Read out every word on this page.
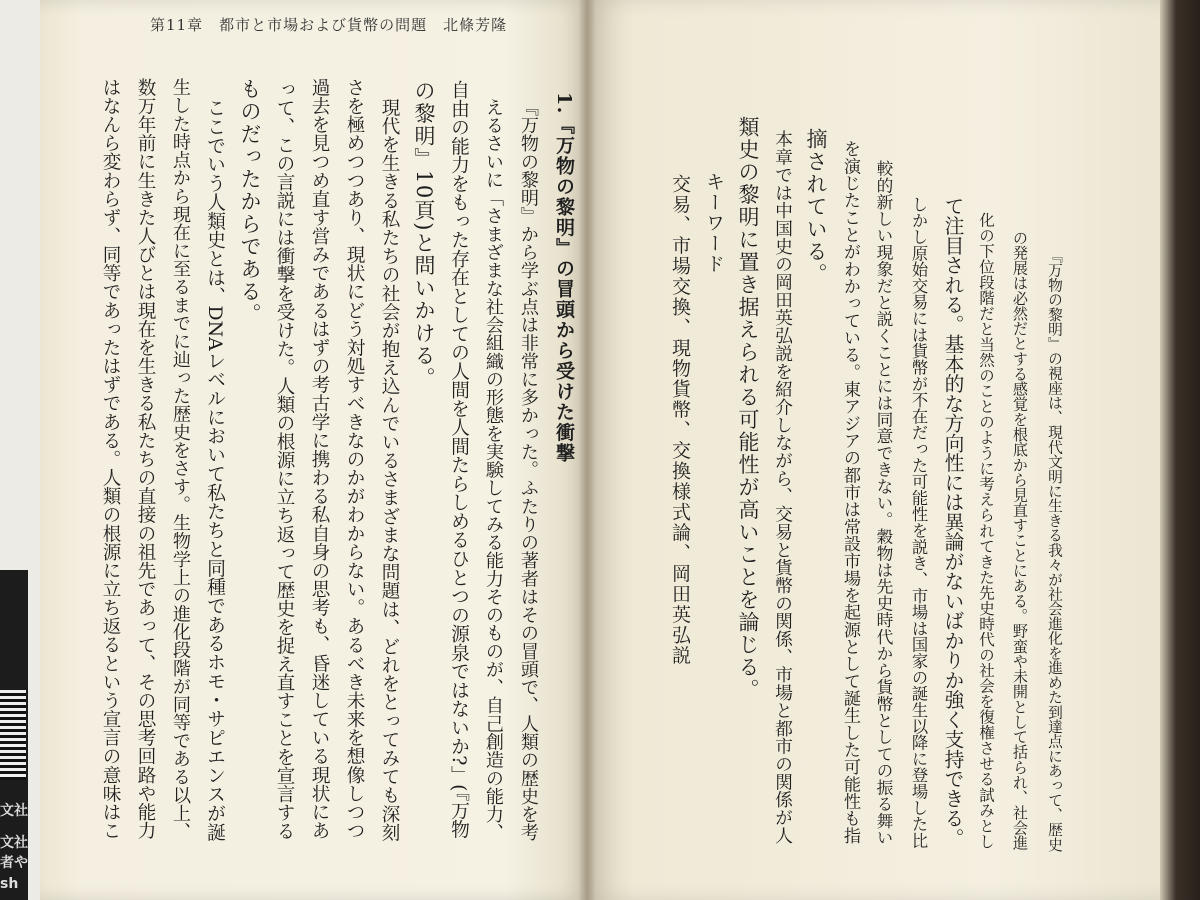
文社
文社
者や
sh
第11章　都市と市場および貨幣の問題　北條芳隆
1.『万物の黎明』の冒頭から受けた衝撃
『万物の黎明』から学ぶ点は非常に多かった。ふたりの著者はその冒頭で、人類の歴史を考
えるさいに「さまざまな社会組織の形態を実験してみる能力そのものが、自己創造の能力、
自由の能力をもった存在としての人間を人間たらしめるひとつの源泉ではないか?」(『万物
の黎明』10頁)と問いかける。
現代を生きる私たちの社会が抱え込んでいるさまざまな問題は、どれをとってみても深刻
さを極めつつあり、現状にどう対処すべきなのかがわからない。あるべき未来を想像しつつ
過去を見つめ直す営みであるはずの考古学に携わる私自身の思考も、昏迷している現状にあ
って、この言説には衝撃を受けた。人類の根源に立ち返って歴史を捉え直すことを宣言する
ものだったからである。
ここでいう人類史とは、DNAレベルにおいて私たちと同種であるホモ・サピエンスが誕
生した時点から現在に至るまでに辿った歴史をさす。生物学上の進化段階が同等である以上、
数万年前に生きた人びとは現在を生きる私たちの直接の祖先であって、その思考回路や能力
はなんら変わらず、同等であったはずである。人類の根源に立ち返るという宣言の意味はこ	『万物の黎明』の視座は、現代文明に生きる我々が社会進化を進めた到達点にあって、歴史
の発展は必然だとする感覚を根底から見直すことにある。野蛮や未開として括られ、社会進
化の下位段階だと当然のことのように考えられてきた先史時代の社会を復権させる試みとし
て注目される。基本的な方向性には異論がないばかりか強く支持できる。
しかし原始交易には貨幣が不在だった可能性を説き、市場は国家の誕生以降に登場した比
較的新しい現象だと説くことには同意できない。穀物は先史時代から貨幣としての振る舞い
を演じたことがわかっている。東アジアの都市は常設市場を起源として誕生した可能性も指
摘されている。
本章では中国史の岡田英弘説を紹介しながら、交易と貨幣の関係、市場と都市の関係が人
類史の黎明に置き据えられる可能性が高いことを論じる。
キーワード
交易、市場交換、現物貨幣、交換様式論、岡田英弘説
